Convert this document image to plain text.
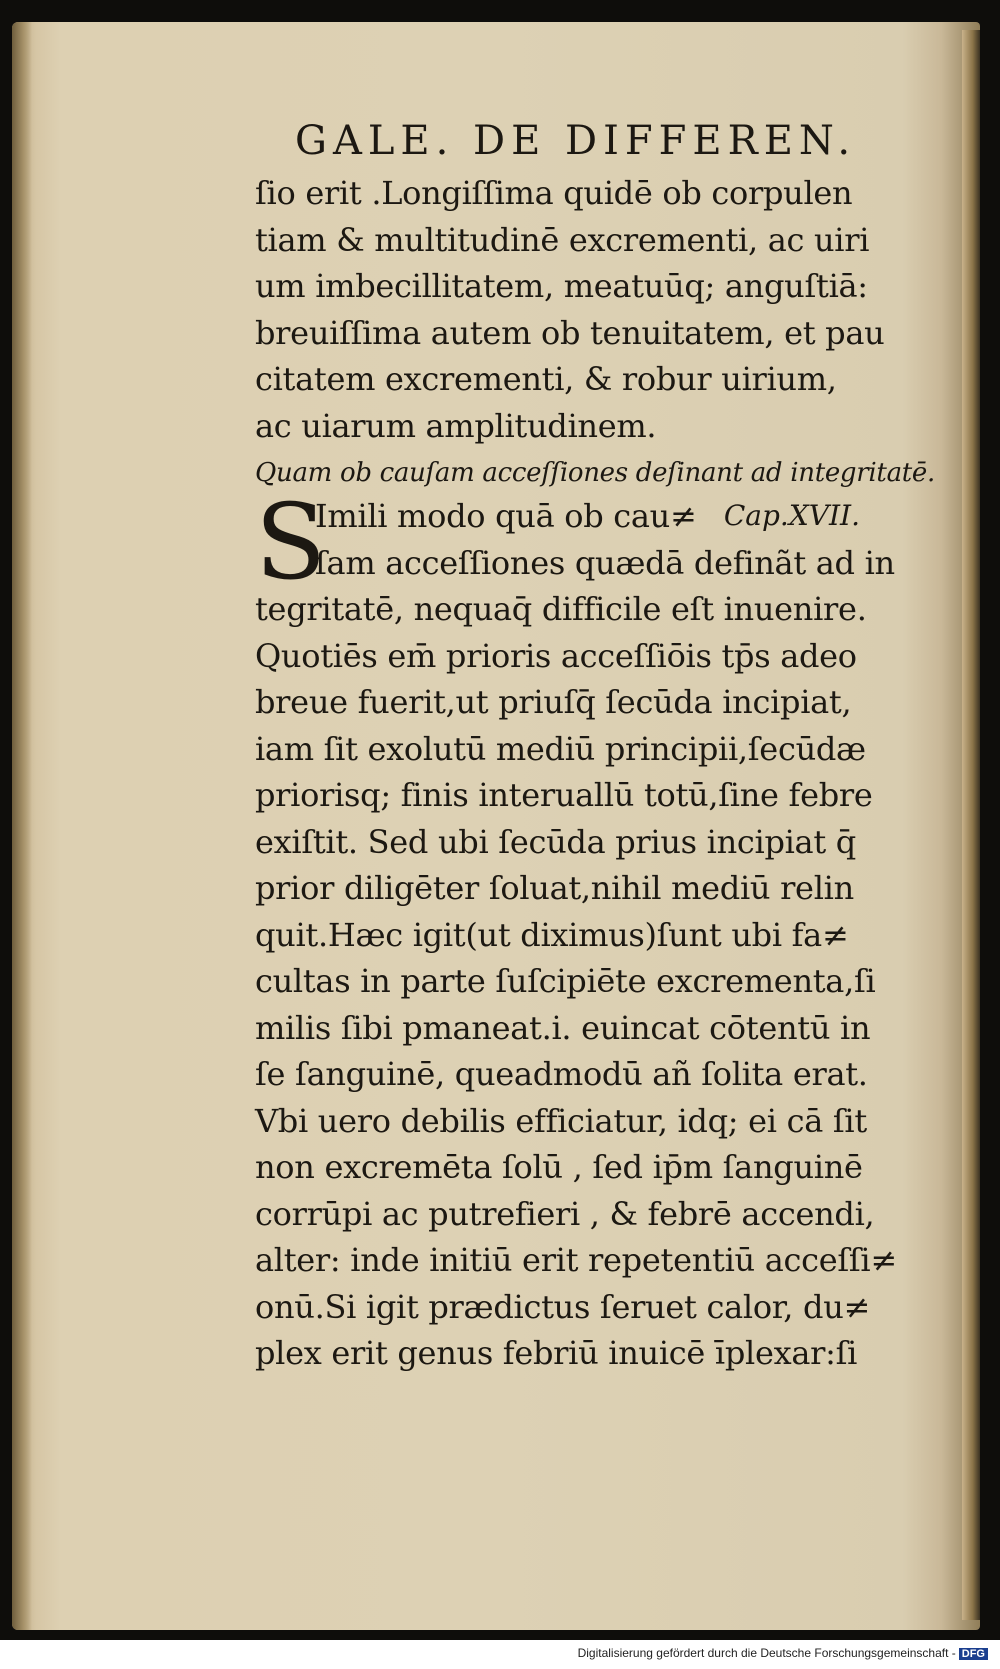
GALE. DE DIFFEREN.
ſio erit .Longiſſima quidē ob corpulen
tiam & multitudinē excrementi, ac uiri
um imbecillitatem, meatuūq; anguſtiā:
breuiſſima autem ob tenuitatem, et pau
citatem excrementi, & robur uirium,
ac uiarum amplitudinem.
Quam ob cauſam acceſſiones deſinant ad integritatē.
S	Cap.XVII.
Imili modo quā ob cau≠
ſam acceſſiones quædā definãt ad in
tegritatē, nequaq̄ difficile eſt inuenire.
Quotiēs em̄ prioris acceſſiōis tp̄s adeo
breue fuerit,ut priuſq̄ ſecūda incipiat,
iam ſit exolutū mediū principii,ſecūdæ
priorisq; finis interuallū totū,ſine febre
exiſtit. Sed ubi ſecūda prius incipiat q̄
prior diligēter ſoluat,nihil mediū relin
quit.Hæc igit(ut diximus)ſunt ubi fa≠
cultas in parte ſuſcipiēte excrementa,ſi
milis ſibi pmaneat.i. euincat cōtentū in
ſe ſanguinē, queadmodū añ ſolita erat.
Vbi uero debilis efficiatur, idq; ei cā ſit
non excremēta ſolū , ſed ip̄m ſanguinē
corrūpi ac putrefieri , & febrē accendi,
alter: inde initiū erit repetentiū acceſſi≠
onū.Si igit prædictus ſeruet calor, du≠
plex erit genus febriū inuicē īplexar:ſi
Digitalisierung gefördert durch die Deutsche Forschungsgemeinschaft - DFG
